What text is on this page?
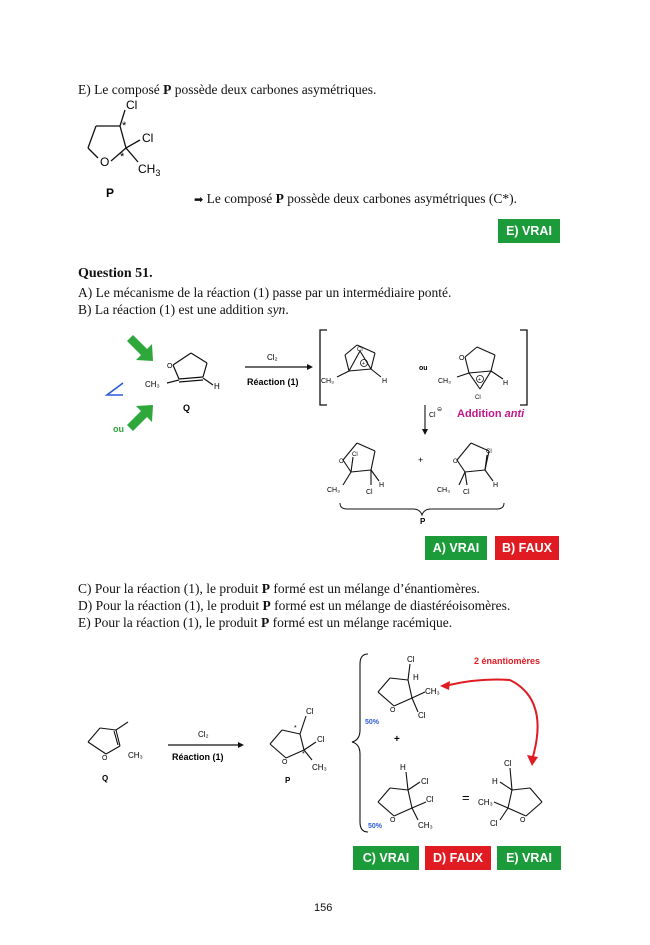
E) Le composé P possède deux carbones asymétriques.
Cl
*
Cl
*
O $CH_3$
P	➡ Le composé P possède deux carbones asymétriques (C*).
E) VRAI
Question 51.
A) Le mécanisme de la réaction (1) passe par un intermédiaire ponté.
B) La réaction (1) est une addition syn.
ou
O
CH₃	H
Q
Cl₂
Réaction (1)
+
Cl
CH₃	H
ou
O
+
Cl
CH₃	H
Cl
⊖ Addition anti
O
Cl
CH₃
H
Cl
+	O
Cl
CH₃
H
Cl
P
A) VRAI	B) FAUX
C) Pour la réaction (1), le produit P formé est un mélange d’énantiomères.
D) Pour la réaction (1), le produit P formé est un mélange de diastéréoisomères.
E) Pour la réaction (1), le produit P formé est un mélange racémique.
O	CH₃
Q
Cl₂
Réaction (1)
O
Cl
*
Cl
*
CH₃
P
O
Cl
H
CH₃
Cl
50%
+
O
H
Cl
Cl
CH₃
50%
=
O
Cl
H
CH₃
Cl
2 énantiomères
C) VRAI	D) FAUX	E) VRAI
156
